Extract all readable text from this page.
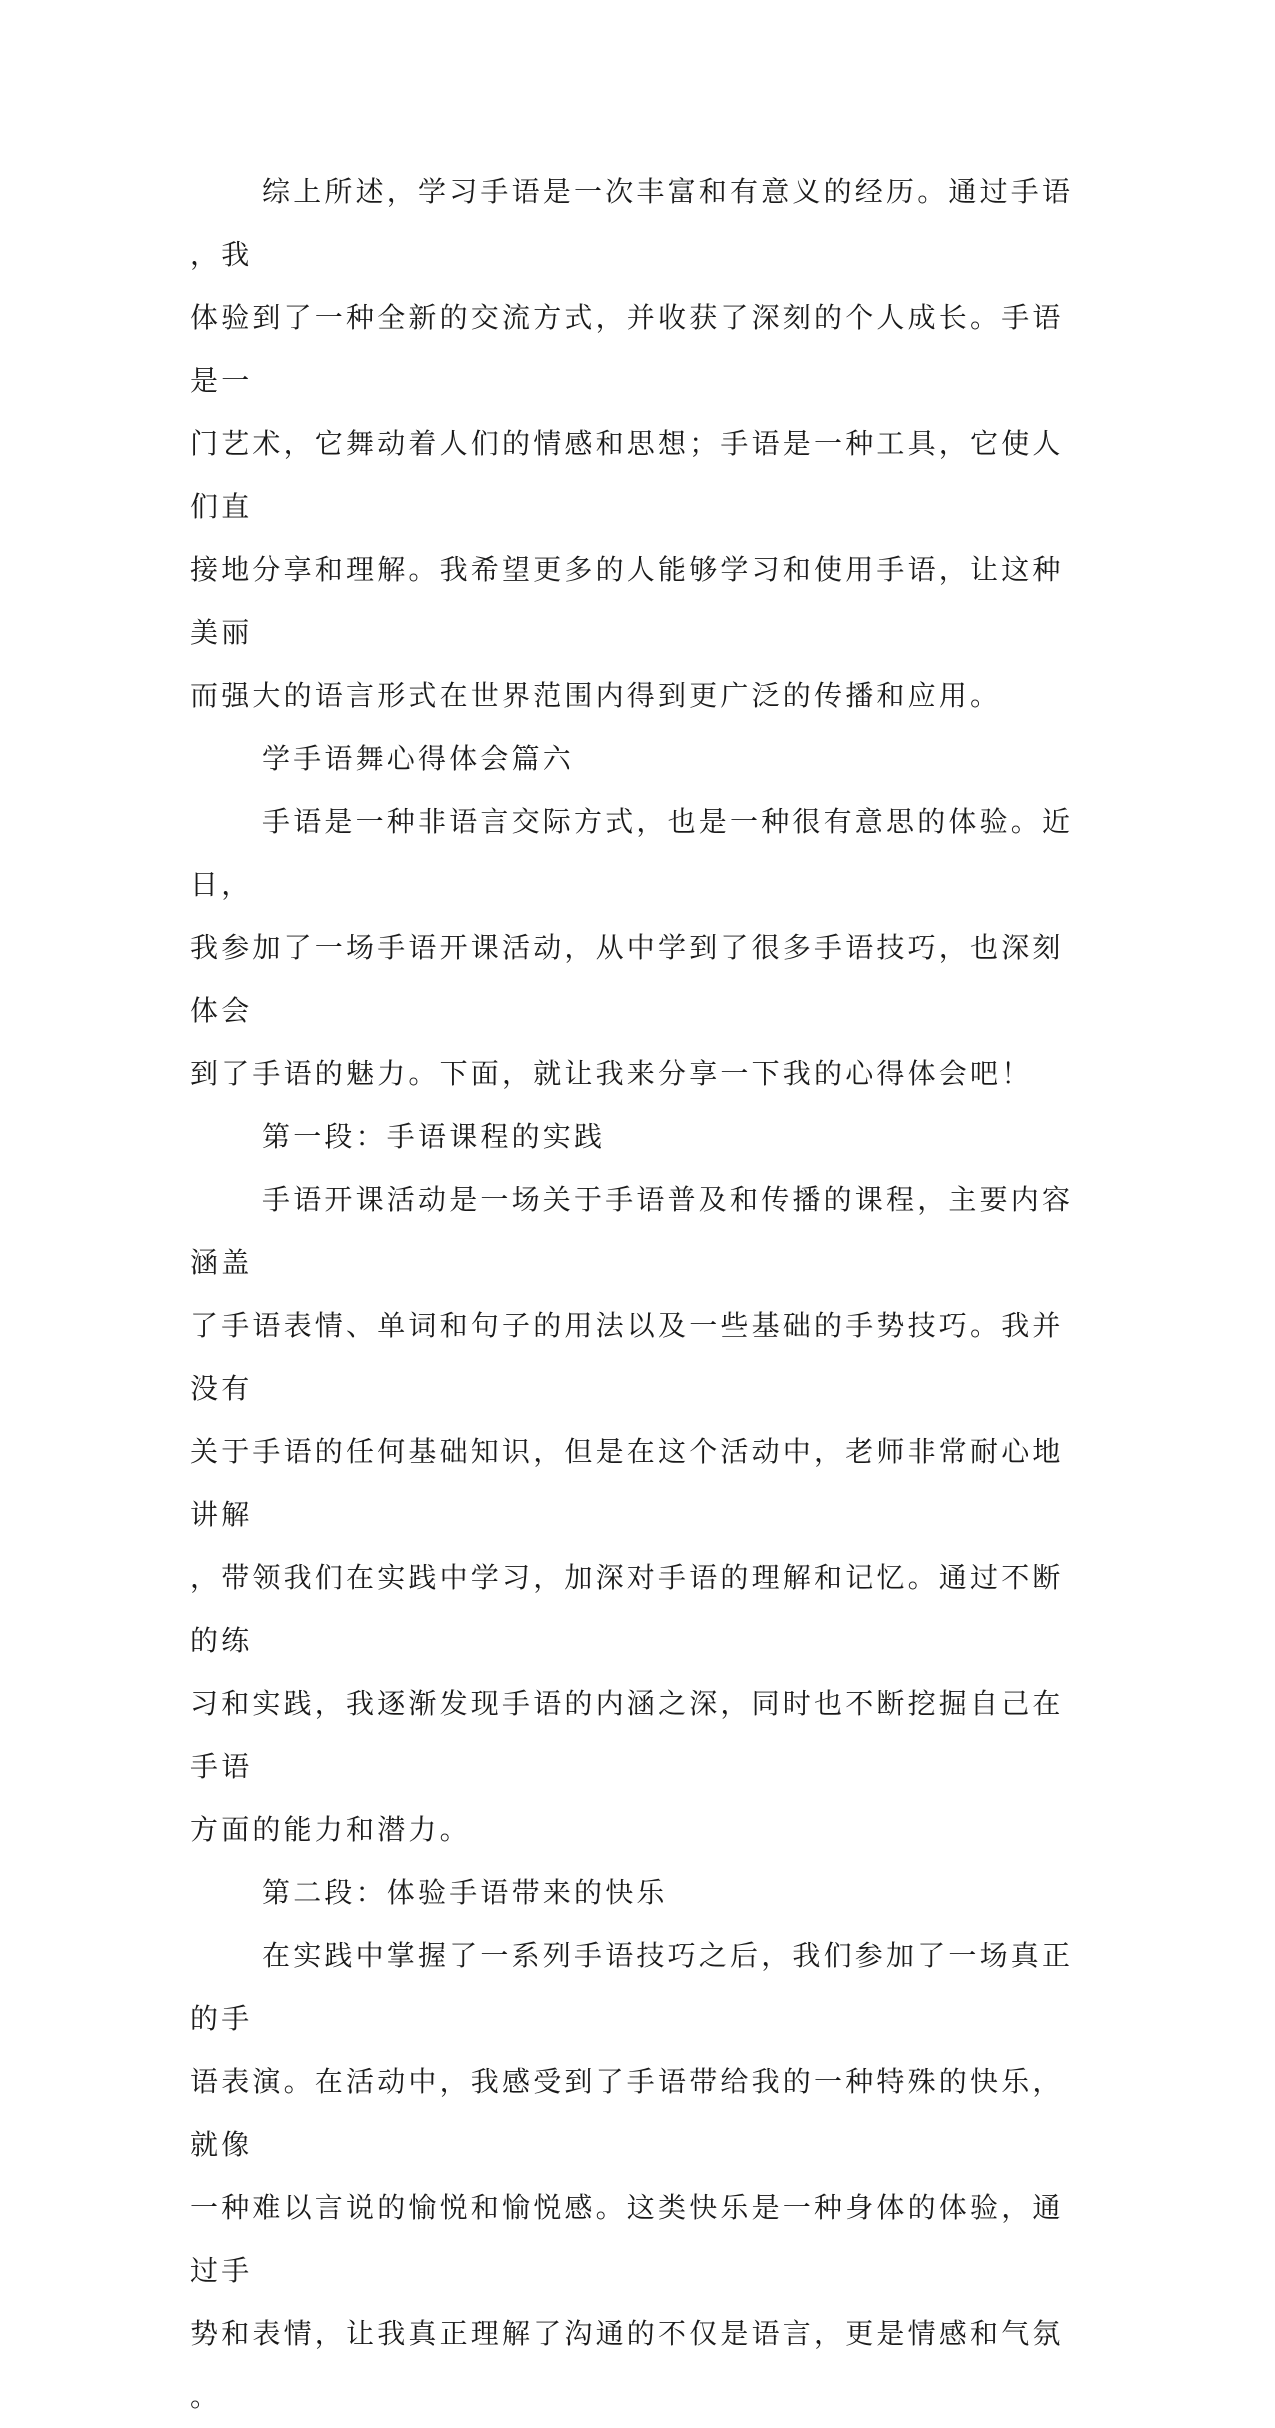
综上所述，学习手语是一次丰富和有意义的经历。通过手语，我
体验到了一种全新的交流方式，并收获了深刻的个人成长。手语是一
门艺术，它舞动着人们的情感和思想；手语是一种工具，它使人们直
接地分享和理解。我希望更多的人能够学习和使用手语，让这种美丽
而强大的语言形式在世界范围内得到更广泛的传播和应用。

学手语舞心得体会篇六

手语是一种非语言交际方式，也是一种很有意思的体验。近日，
我参加了一场手语开课活动，从中学到了很多手语技巧，也深刻体会
到了手语的魅力。下面，就让我来分享一下我的心得体会吧！

第一段：手语课程的实践

手语开课活动是一场关于手语普及和传播的课程，主要内容涵盖
了手语表情、单词和句子的用法以及一些基础的手势技巧。我并没有
关于手语的任何基础知识，但是在这个活动中，老师非常耐心地讲解
，带领我们在实践中学习，加深对手语的理解和记忆。通过不断的练
习和实践，我逐渐发现手语的内涵之深，同时也不断挖掘自己在手语
方面的能力和潜力。

第二段：体验手语带来的快乐

在实践中掌握了一系列手语技巧之后，我们参加了一场真正的手
语表演。在活动中，我感受到了手语带给我的一种特殊的快乐，就像
一种难以言说的愉悦和愉悦感。这类快乐是一种身体的体验，通过手
势和表情，让我真正理解了沟通的不仅是语言，更是情感和气氛。
